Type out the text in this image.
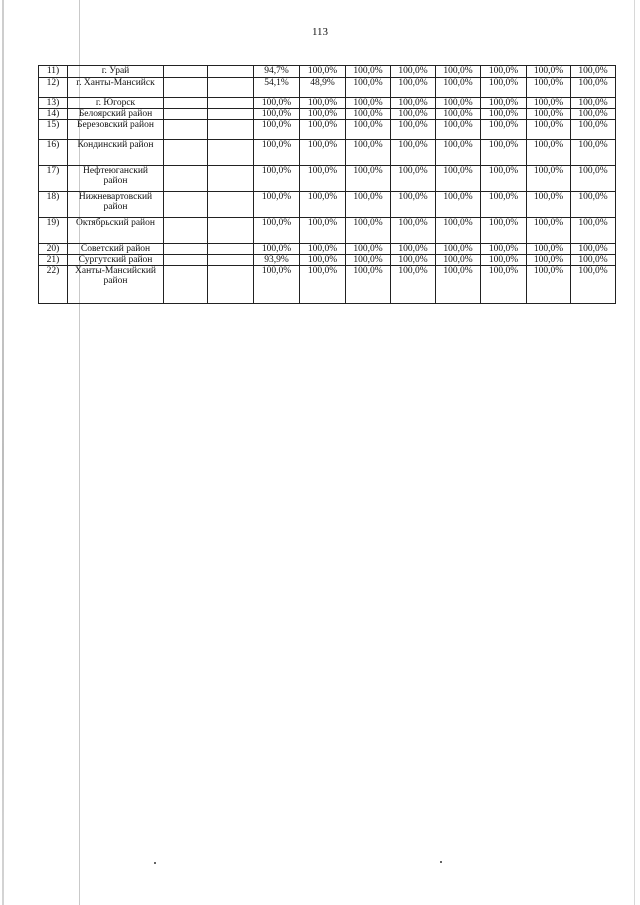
113
11)	г. Урай			94,7%	100,0%	100,0%	100,0%	100,0%	100,0%	100,0%	100,0%
12)	г. Ханты-Мансийск			54,1%	48,9%	100,0%	100,0%	100,0%	100,0%	100,0%	100,0%
13)	г. Югорск			100,0%	100,0%	100,0%	100,0%	100,0%	100,0%	100,0%	100,0%
14)	Белоярский район			100,0%	100,0%	100,0%	100,0%	100,0%	100,0%	100,0%	100,0%
15)	Березовский район			100,0%	100,0%	100,0%	100,0%	100,0%	100,0%	100,0%	100,0%
16)	Кондинский район			100,0%	100,0%	100,0%	100,0%	100,0%	100,0%	100,0%	100,0%
17)	Нефтеюганский район			100,0%	100,0%	100,0%	100,0%	100,0%	100,0%	100,0%	100,0%
18)	Нижневартовский район			100,0%	100,0%	100,0%	100,0%	100,0%	100,0%	100,0%	100,0%
19)	Октябрьский район			100,0%	100,0%	100,0%	100,0%	100,0%	100,0%	100,0%	100,0%
20)	Советский район			100,0%	100,0%	100,0%	100,0%	100,0%	100,0%	100,0%	100,0%
21)	Сургутский район			93,9%	100,0%	100,0%	100,0%	100,0%	100,0%	100,0%	100,0%
22)	Ханты-Мансийский район			100,0%	100,0%	100,0%	100,0%	100,0%	100,0%	100,0%	100,0%
